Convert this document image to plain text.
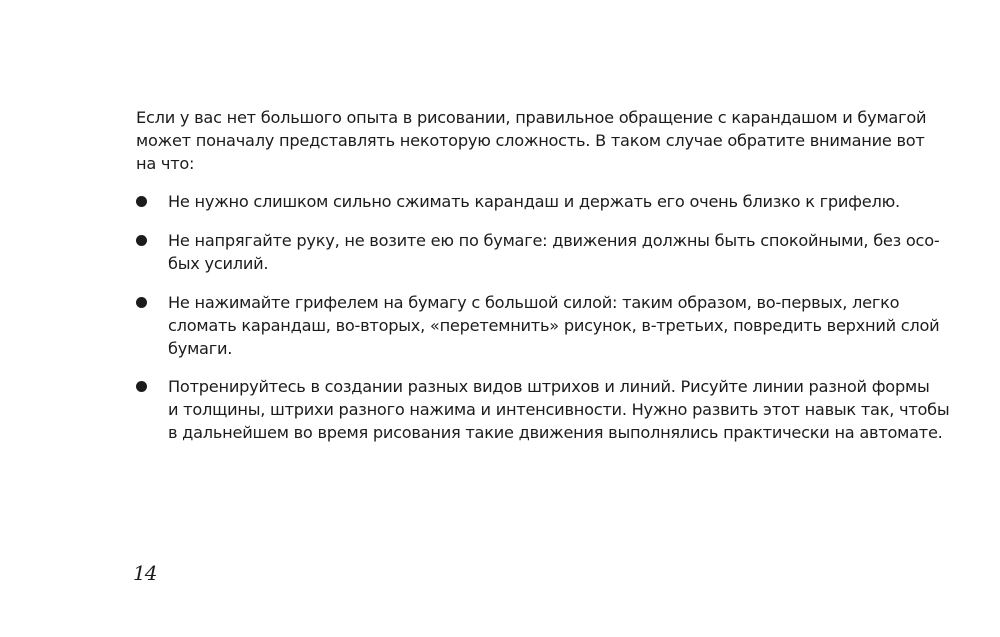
Если у вас нет большого опыта в рисовании, правильное обращение с карандашом и бумагой
может поначалу представлять некоторую сложность. В таком случае обратите внимание вот
на что:

Не нужно слишком сильно сжимать карандаш и держать его очень близко к грифелю.
Не напрягайте руку, не возите ею по бумаге: движения должны быть спокойными, без осо-
бых усилий.
Не нажимайте грифелем на бумагу с большой силой: таким образом, во-первых, легко
сломать карандаш, во-вторых, «перетемнить» рисунок, в-третьих, повредить верхний слой
бумаги.
Потренируйтесь в создании разных видов штрихов и линий. Рисуйте линии разной формы
и толщины, штрихи разного нажима и интенсивности. Нужно развить этот навык так, чтобы
в дальнейшем во время рисования такие движения выполнялись практически на автомате.
14
